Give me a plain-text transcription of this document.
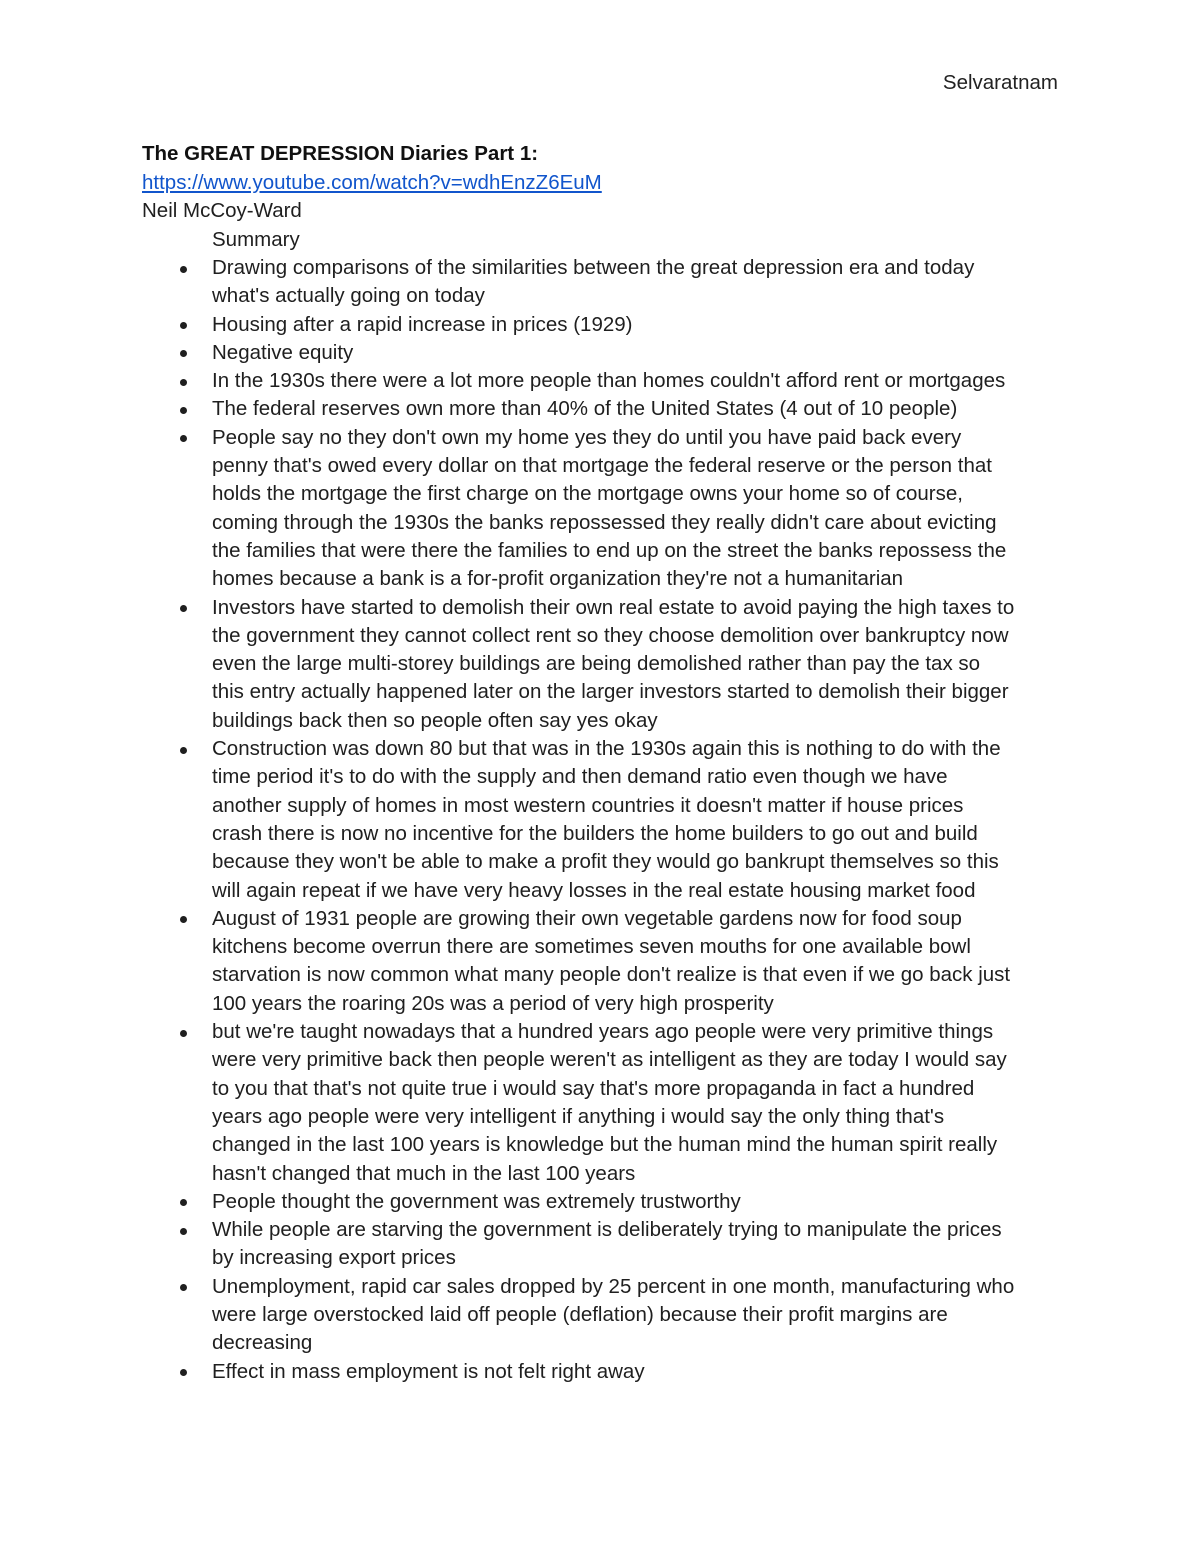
Selvaratnam
The GREAT DEPRESSION Diaries Part 1:
https://www.youtube.com/watch?v=wdhEnzZ6EuM
Neil McCoy-Ward
Summary
Drawing comparisons of the similarities between the great depression era and today
what's actually going on today
Housing after a rapid increase in prices (1929)
Negative equity
In the 1930s there were a lot more people than homes couldn't afford rent or mortgages
The federal reserves own more than 40% of the United States (4 out of 10 people)
People say no they don't own my home yes they do until you have paid back every
penny that's owed every dollar on that mortgage the federal reserve or the person that
holds the mortgage the first charge on the mortgage owns your home so of course,
coming through the 1930s the banks repossessed they really didn't care about evicting
the families that were there the families to end up on the street the banks repossess the
homes because a bank is a for-profit organization they're not a humanitarian
Investors have started to demolish their own real estate to avoid paying the high taxes to
the government they cannot collect rent so they choose demolition over bankruptcy now
even the large multi-storey buildings are being demolished rather than pay the tax so
this entry actually happened later on the larger investors started to demolish their bigger
buildings back then so people often say yes okay
Construction was down 80 but that was in the 1930s again this is nothing to do with the
time period it's to do with the supply and then demand ratio even though we have
another supply of homes in most western countries it doesn't matter if house prices
crash there is now no incentive for the builders the home builders to go out and build
because they won't be able to make a profit they would go bankrupt themselves so this
will again repeat if we have very heavy losses in the real estate housing market food
August of 1931 people are growing their own vegetable gardens now for food soup
kitchens become overrun there are sometimes seven mouths for one available bowl
starvation is now common what many people don't realize is that even if we go back just
100 years the roaring 20s was a period of very high prosperity
but we're taught nowadays that a hundred years ago people were very primitive things
were very primitive back then people weren't as intelligent as they are today I would say
to you that that's not quite true i would say that's more propaganda in fact a hundred
years ago people were very intelligent if anything i would say the only thing that's
changed in the last 100 years is knowledge but the human mind the human spirit really
hasn't changed that much in the last 100 years
People thought the government was extremely trustworthy
While people are starving the government is deliberately trying to manipulate the prices
by increasing export prices
Unemployment, rapid car sales dropped by 25 percent in one month, manufacturing who
were large overstocked laid off people (deflation) because their profit margins are
decreasing
Effect in mass employment is not felt right away
